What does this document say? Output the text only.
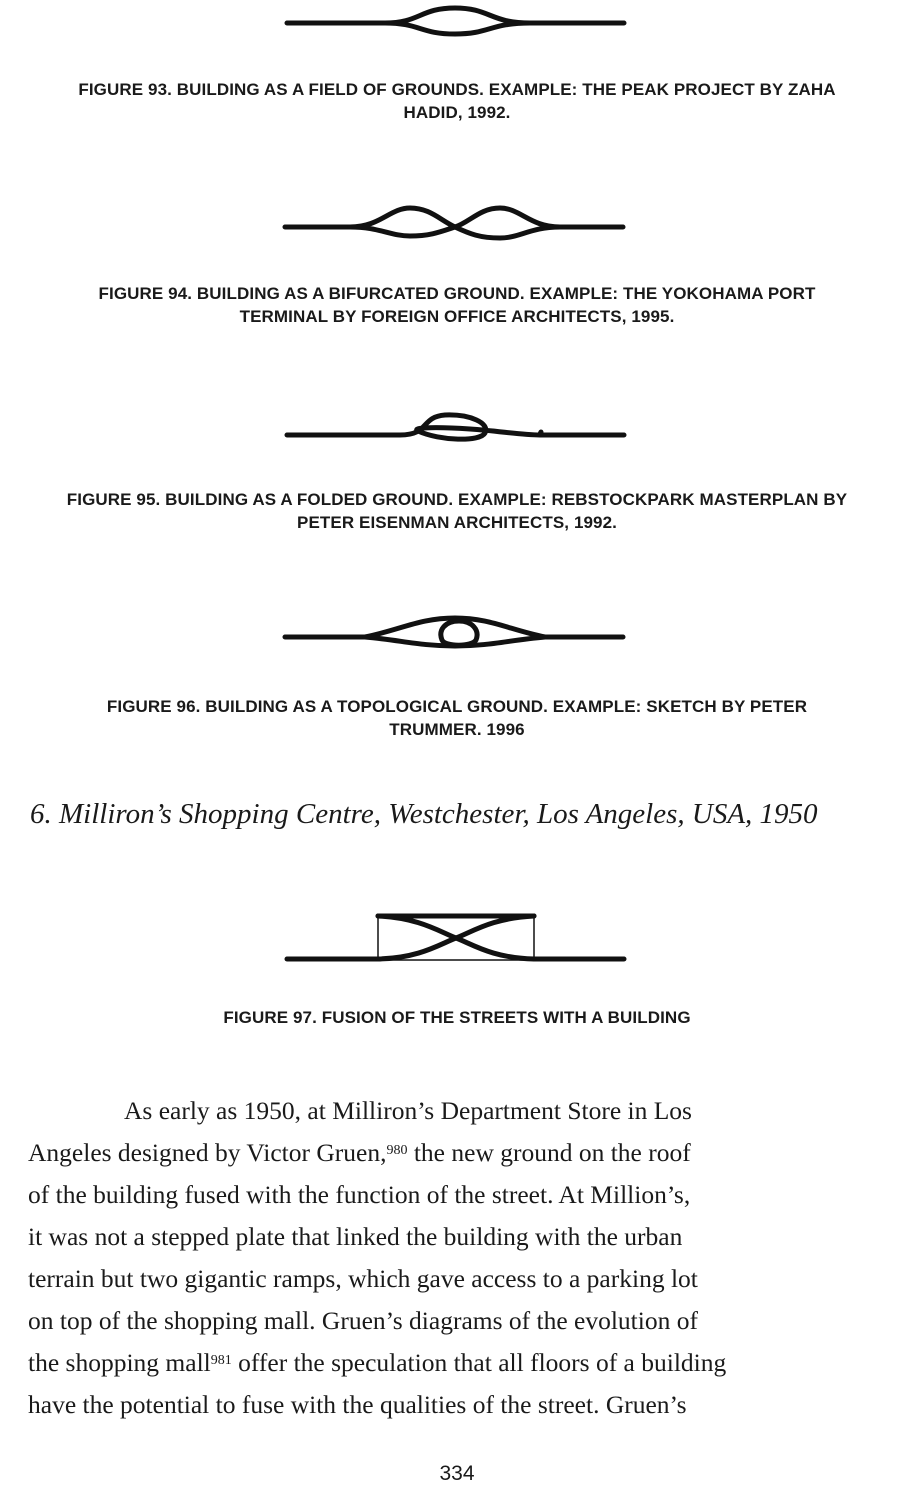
FIGURE 93. BUILDING AS A FIELD OF GROUNDS. EXAMPLE: THE PEAK PROJECT BY ZAHA
HADID, 1992.
FIGURE 94. BUILDING AS A BIFURCATED GROUND. EXAMPLE: THE YOKOHAMA PORT
TERMINAL BY FOREIGN OFFICE ARCHITECTS, 1995.
FIGURE 95. BUILDING AS A FOLDED GROUND. EXAMPLE: REBSTOCKPARK MASTERPLAN BY
PETER EISENMAN ARCHITECTS, 1992.
FIGURE 96. BUILDING AS A TOPOLOGICAL GROUND. EXAMPLE: SKETCH BY PETER
TRUMMER. 1996
6. Milliron’s Shopping Centre, Westchester, Los Angeles, USA, 1950
FIGURE 97. FUSION OF THE STREETS WITH A BUILDING
As early as 1950, at Milliron’s Department Store in Los
Angeles designed by Victor Gruen,$^{980}$ the new ground on the roof
of the building fused with the function of the street. At Million’s,
it was not a stepped plate that linked the building with the urban
terrain but two gigantic ramps, which gave access to a parking lot
on top of the shopping mall. Gruen’s diagrams of the evolution of
the shopping mall$^{981}$ offer the speculation that all floors of a building
have the potential to fuse with the qualities of the street. Gruen’s
334
